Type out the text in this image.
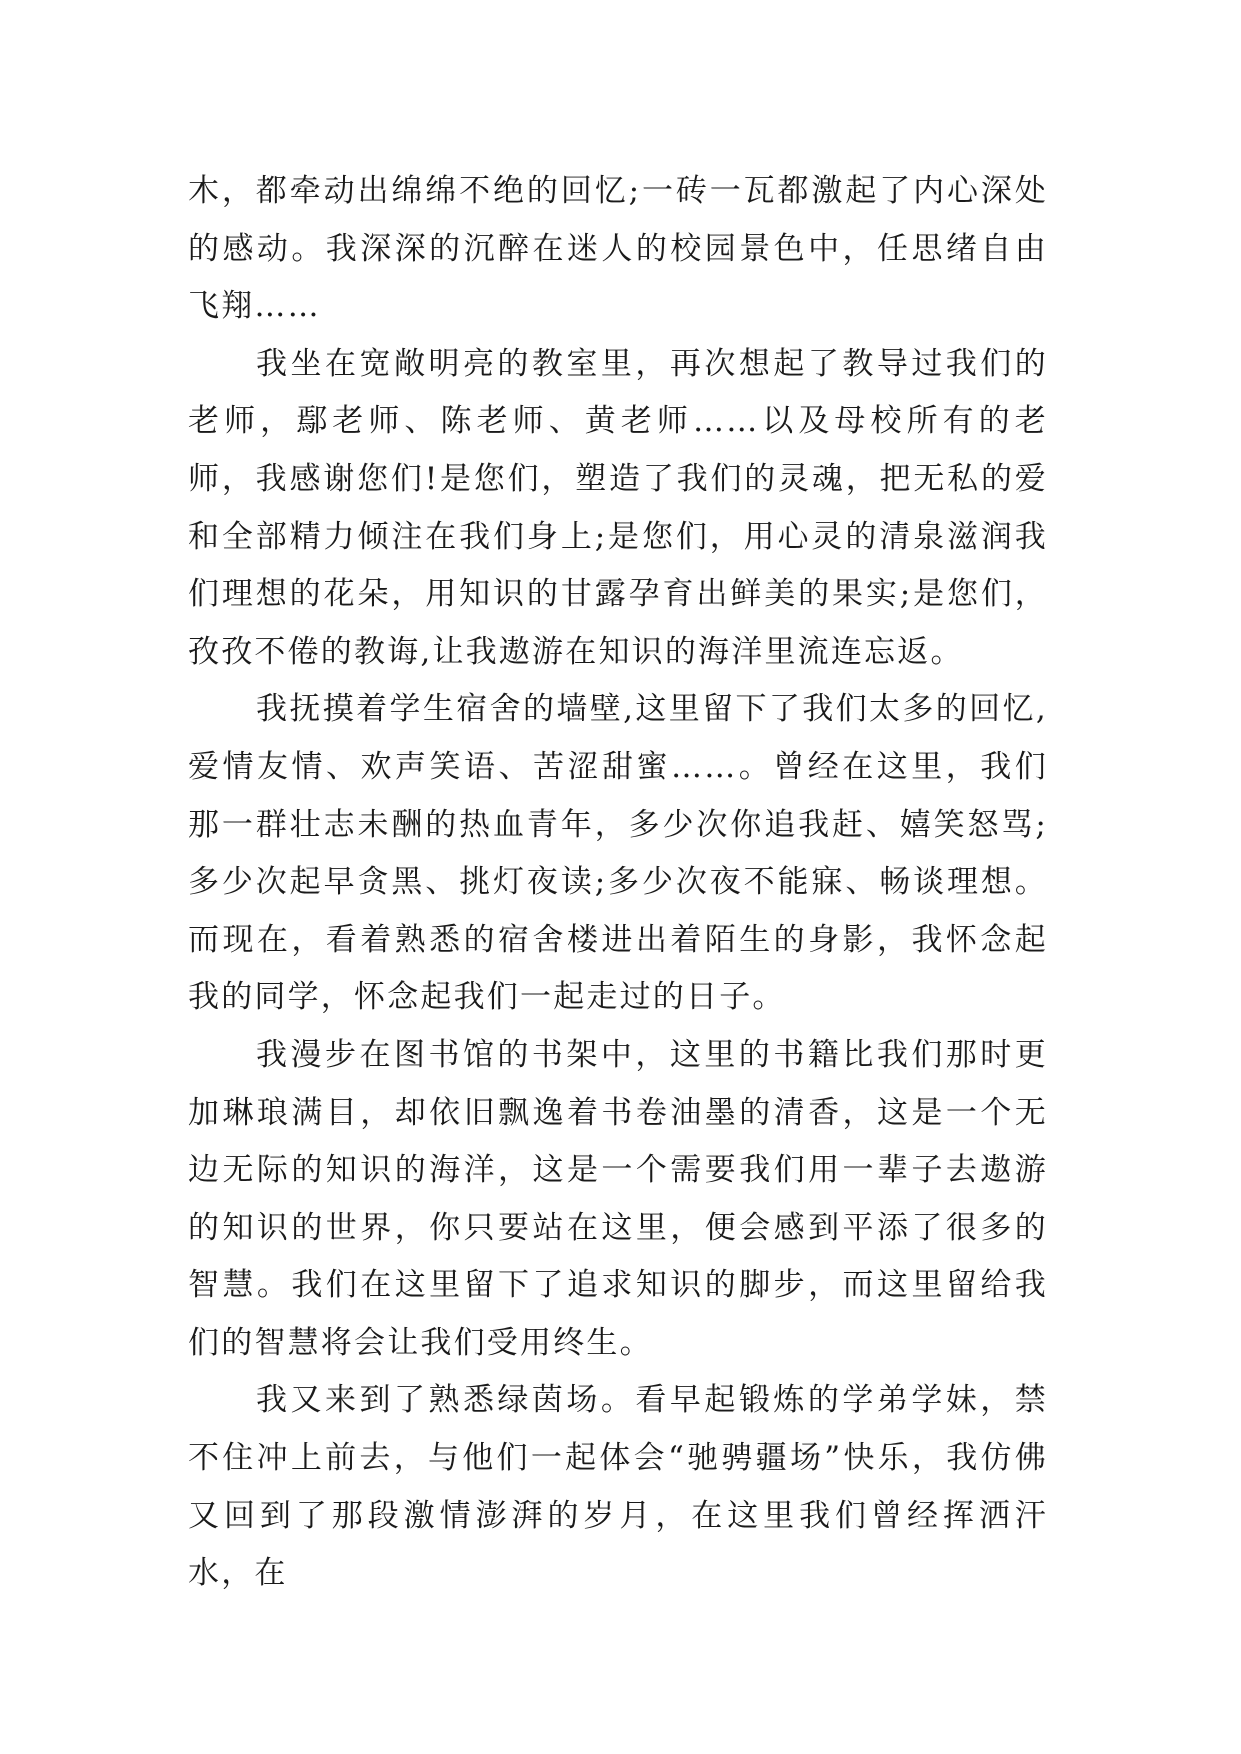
木，都牵动出绵绵不绝的回忆;一砖一瓦都激起了内心深处的感动。我深深的沉醉在迷人的校园景色中，任思绪自由飞翔……

我坐在宽敞明亮的教室里，再次想起了教导过我们的老师，鄢老师、陈老师、黄老师……以及母校所有的老师，我感谢您们!是您们，塑造了我们的灵魂，把无私的爱和全部精力倾注在我们身上;是您们，用心灵的清泉滋润我们理想的花朵，用知识的甘露孕育出鲜美的果实;是您们，孜孜不倦的教诲,让我遨游在知识的海洋里流连忘返。

我抚摸着学生宿舍的墙壁,这里留下了我们太多的回忆,爱情友情、欢声笑语、苦涩甜蜜……。曾经在这里，我们那一群壮志未酬的热血青年，多少次你追我赶、嬉笑怒骂;多少次起早贪黑、挑灯夜读;多少次夜不能寐、畅谈理想。而现在，看着熟悉的宿舍楼进出着陌生的身影，我怀念起我的同学，怀念起我们一起走过的日子。

我漫步在图书馆的书架中，这里的书籍比我们那时更加琳琅满目，却依旧飘逸着书卷油墨的清香，这是一个无边无际的知识的海洋，这是一个需要我们用一辈子去遨游的知识的世界，你只要站在这里，便会感到平添了很多的智慧。我们在这里留下了追求知识的脚步，而这里留给我们的智慧将会让我们受用终生。

我又来到了熟悉绿茵场。看早起锻炼的学弟学妹，禁不住冲上前去，与他们一起体会“驰骋疆场”快乐，我仿佛又回到了那段激情澎湃的岁月，在这里我们曾经挥洒汗水，在
